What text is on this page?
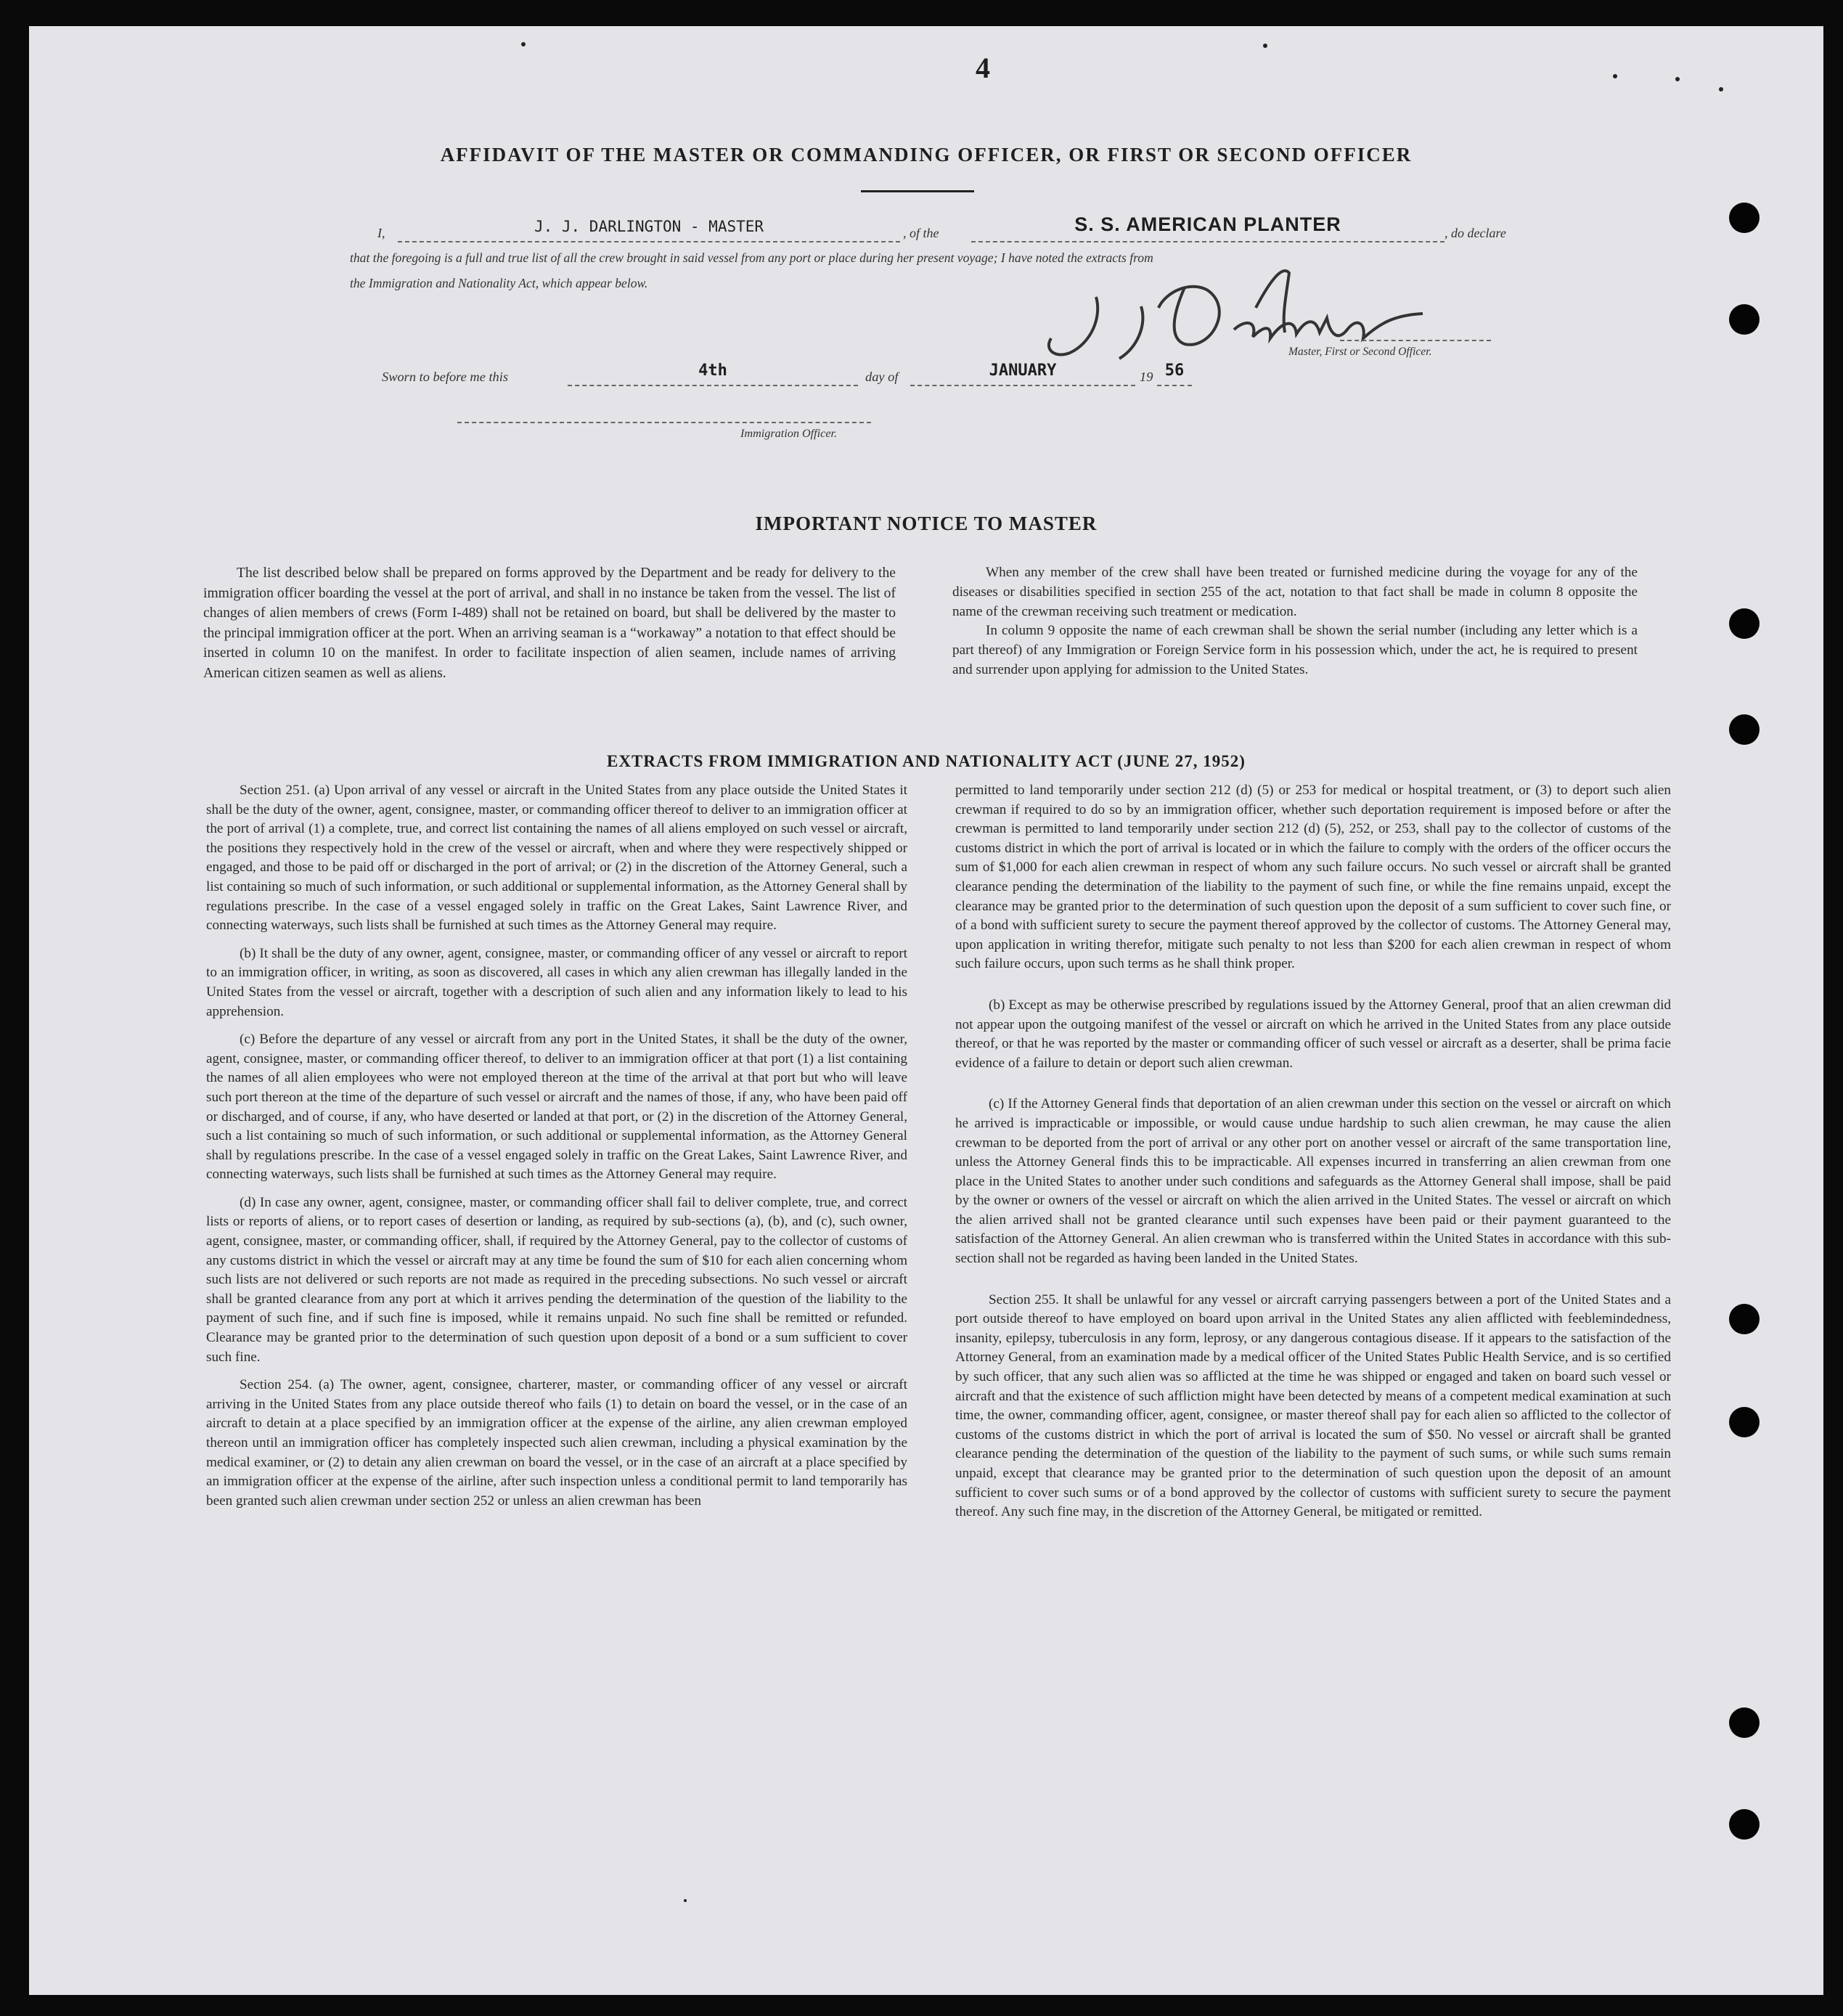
4
AFFIDAVIT OF THE MASTER OR COMMANDING OFFICER, OR FIRST OR SECOND OFFICER
I,	J. J. DARLINGTON - MASTER	, of the	S. S. AMERICAN PLANTER	, do declare
that the foregoing is a full and true list of all the crew brought in said vessel from any port or place during her present voyage; I have noted the extracts from
the Immigration and Nationality Act, which appear below.
Master, First or Second Officer.
Sworn to before me this	4th	day of	JANUARY	19 56
Immigration Officer.
IMPORTANT NOTICE TO MASTER

The list described below shall be prepared on forms approved by the Department and be ready for delivery to the immigration officer boarding the vessel at the port of arrival, and shall in no instance be taken from the vessel. The list of changes of alien members of crews (Form I-489) shall not be retained on board, but shall be delivered by the master to the principal immigration officer at the port. When an arriving seaman is a “workaway” a notation to that effect should be inserted in column 10 on the manifest. In order to facilitate inspection of alien seamen, include names of arriving American citizen seamen as well as aliens.

When any member of the crew shall have been treated or furnished medicine during the voyage for any of the diseases or disabilities specified in section 255 of the act, notation to that fact shall be made in column 8 opposite the name of the crewman receiving such treatment or medication.

In column 9 opposite the name of each crewman shall be shown the serial number (including any letter which is a part thereof) of any Immigration or Foreign Service form in his possession which, under the act, he is required to present and surrender upon applying for admission to the United States.

EXTRACTS FROM IMMIGRATION AND NATIONALITY ACT (JUNE 27, 1952)

Section 251. (a) Upon arrival of any vessel or aircraft in the United States from any place outside the United States it shall be the duty of the owner, agent, consignee, master, or commanding officer thereof to deliver to an immigration officer at the port of arrival (1) a complete, true, and correct list containing the names of all aliens employed on such vessel or aircraft, the positions they respectively hold in the crew of the vessel or aircraft, when and where they were respectively shipped or engaged, and those to be paid off or discharged in the port of arrival; or (2) in the discretion of the Attorney General, such a list containing so much of such information, or such additional or supplemental information, as the Attorney General shall by regulations prescribe. In the case of a vessel engaged solely in traffic on the Great Lakes, Saint Lawrence River, and connecting waterways, such lists shall be furnished at such times as the Attorney General may require.

(b) It shall be the duty of any owner, agent, consignee, master, or commanding officer of any vessel or aircraft to report to an immigration officer, in writing, as soon as discovered, all cases in which any alien crewman has illegally landed in the United States from the vessel or aircraft, together with a description of such alien and any information likely to lead to his apprehension.

(c) Before the departure of any vessel or aircraft from any port in the United States, it shall be the duty of the owner, agent, consignee, master, or commanding officer thereof, to deliver to an immigration officer at that port (1) a list containing the names of all alien employees who were not employed thereon at the time of the arrival at that port but who will leave such port thereon at the time of the departure of such vessel or aircraft and the names of those, if any, who have been paid off or discharged, and of course, if any, who have deserted or landed at that port, or (2) in the discretion of the Attorney General, such a list containing so much of such information, or such additional or supplemental information, as the Attorney General shall by regulations prescribe. In the case of a vessel engaged solely in traffic on the Great Lakes, Saint Lawrence River, and connecting waterways, such lists shall be furnished at such times as the Attorney General may require.

(d) In case any owner, agent, consignee, master, or commanding officer shall fail to deliver complete, true, and correct lists or reports of aliens, or to report cases of desertion or landing, as required by sub-sections (a), (b), and (c), such owner, agent, consignee, master, or commanding officer, shall, if required by the Attorney General, pay to the collector of customs of any customs district in which the vessel or aircraft may at any time be found the sum of $10 for each alien concerning whom such lists are not delivered or such reports are not made as required in the preceding subsections. No such vessel or aircraft shall be granted clearance from any port at which it arrives pending the determination of the question of the liability to the payment of such fine, and if such fine is imposed, while it remains unpaid. No such fine shall be remitted or refunded. Clearance may be granted prior to the determination of such question upon deposit of a bond or a sum sufficient to cover such fine.

Section 254. (a) The owner, agent, consignee, charterer, master, or commanding officer of any vessel or aircraft arriving in the United States from any place outside thereof who fails (1) to detain on board the vessel, or in the case of an aircraft to detain at a place specified by an immigration officer at the expense of the airline, any alien crewman employed thereon until an immigration officer has completely inspected such alien crewman, including a physical examination by the medical examiner, or (2) to detain any alien crewman on board the vessel, or in the case of an aircraft at a place specified by an immigration officer at the expense of the airline, after such inspection unless a conditional permit to land temporarily has been granted such alien crewman under section 252 or unless an alien crewman has been

permitted to land temporarily under section 212 (d) (5) or 253 for medical or hospital treatment, or (3) to deport such alien crewman if required to do so by an immigration officer, whether such deportation requirement is imposed before or after the crewman is permitted to land temporarily under section 212 (d) (5), 252, or 253, shall pay to the collector of customs of the customs district in which the port of arrival is located or in which the failure to comply with the orders of the officer occurs the sum of $1,000 for each alien crewman in respect of whom any such failure occurs. No such vessel or aircraft shall be granted clearance pending the determination of the liability to the payment of such fine, or while the fine remains unpaid, except the clearance may be granted prior to the determination of such question upon the deposit of a sum sufficient to cover such fine, or of a bond with sufficient surety to secure the payment thereof approved by the collector of customs. The Attorney General may, upon application in writing therefor, mitigate such penalty to not less than $200 for each alien crewman in respect of whom such failure occurs, upon such terms as he shall think proper.

(b) Except as may be otherwise prescribed by regulations issued by the Attorney General, proof that an alien crewman did not appear upon the outgoing manifest of the vessel or aircraft on which he arrived in the United States from any place outside thereof, or that he was reported by the master or commanding officer of such vessel or aircraft as a deserter, shall be prima facie evidence of a failure to detain or deport such alien crewman.

(c) If the Attorney General finds that deportation of an alien crewman under this section on the vessel or aircraft on which he arrived is impracticable or impossible, or would cause undue hardship to such alien crewman, he may cause the alien crewman to be deported from the port of arrival or any other port on another vessel or aircraft of the same transportation line, unless the Attorney General finds this to be impracticable. All expenses incurred in transferring an alien crewman from one place in the United States to another under such conditions and safeguards as the Attorney General shall impose, shall be paid by the owner or owners of the vessel or aircraft on which the alien arrived in the United States. The vessel or aircraft on which the alien arrived shall not be granted clearance until such expenses have been paid or their payment guaranteed to the satisfaction of the Attorney General. An alien crewman who is transferred within the United States in accordance with this sub-section shall not be regarded as having been landed in the United States.

Section 255. It shall be unlawful for any vessel or aircraft carrying passengers between a port of the United States and a port outside thereof to have employed on board upon arrival in the United States any alien afflicted with feeblemindedness, insanity, epilepsy, tuberculosis in any form, leprosy, or any dangerous contagious disease. If it appears to the satisfaction of the Attorney General, from an examination made by a medical officer of the United States Public Health Service, and is so certified by such officer, that any such alien was so afflicted at the time he was shipped or engaged and taken on board such vessel or aircraft and that the existence of such affliction might have been detected by means of a competent medical examination at such time, the owner, commanding officer, agent, consignee, or master thereof shall pay for each alien so afflicted to the collector of customs of the customs district in which the port of arrival is located the sum of $50. No vessel or aircraft shall be granted clearance pending the determination of the question of the liability to the payment of such sums, or while such sums remain unpaid, except that clearance may be granted prior to the determination of such question upon the deposit of an amount sufficient to cover such sums or of a bond approved by the collector of customs with sufficient surety to secure the payment thereof. Any such fine may, in the discretion of the Attorney General, be mitigated or remitted.
